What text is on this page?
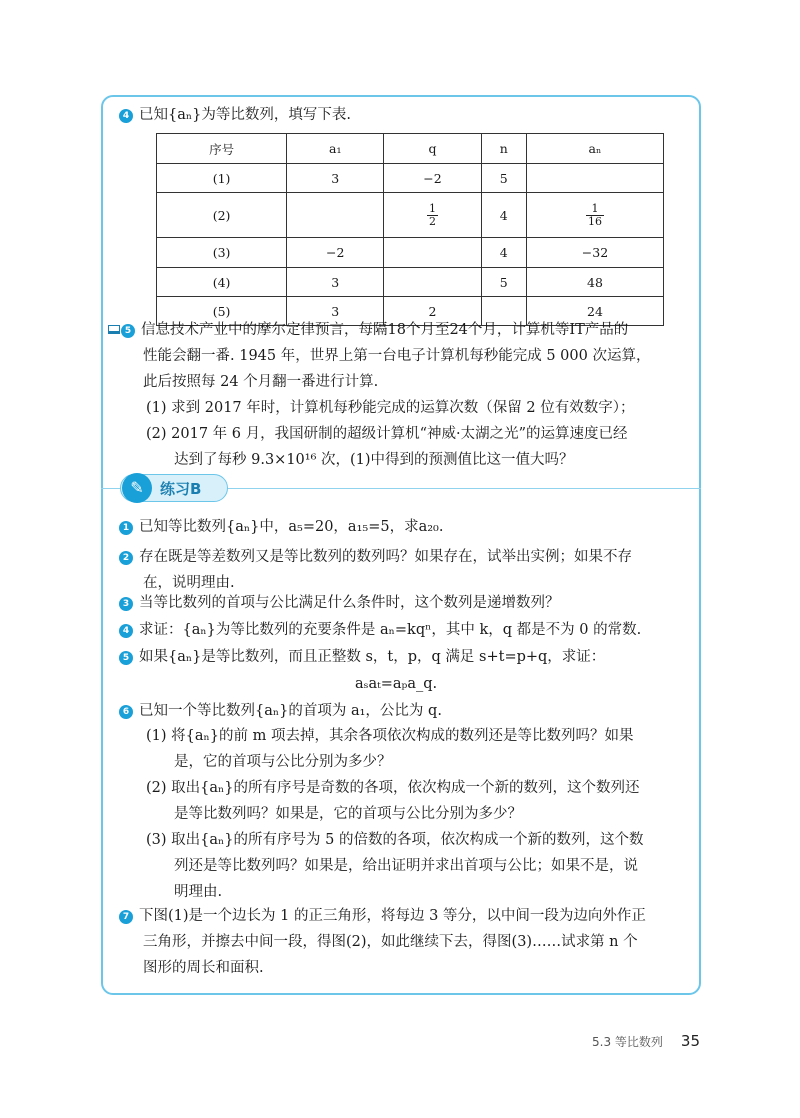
4 已知{aₙ}为等比数列，填写下表.
序号	a₁	q	n	aₙ
(1)	3	−2	5	
(2)		$\frac{1}{2}$	4	$\frac{1}{16}$

(3)	−2		4	−32
(4)	3		5	48
(5)	3	2		24
5 信息技术产业中的摩尔定律预言，每隔18个月至24个月，计算机等IT产品的
性能会翻一番. 1945 年，世界上第一台电子计算机每秒能完成 5 000 次运算，
此后按照每 24 个月翻一番进行计算.
(1) 求到 2017 年时，计算机每秒能完成的运算次数（保留 2 位有效数字）；
(2) 2017 年 6 月，我国研制的超级计算机“神威·太湖之光”的运算速度已经
达到了每秒 9.3×10¹⁶ 次，(1)中得到的预测值比这一值大吗？
✎	练习B
1 已知等比数列{aₙ}中，a₅=20，a₁₅=5，求a₂₀.
2 存在既是等差数列又是等比数列的数列吗？如果存在，试举出实例；如果不存
在，说明理由.
3 当等比数列的首项与公比满足什么条件时，这个数列是递增数列？
4 求证：{aₙ}为等比数列的充要条件是 aₙ=kqⁿ，其中 k，q 都是不为 0 的常数.
5 如果{aₙ}是等比数列，而且正整数 s，t，p，q 满足 s+t=p+q，求证：
aₛaₜ=aₚa_q.
6 已知一个等比数列{aₙ}的首项为 a₁，公比为 q.
(1) 将{aₙ}的前 m 项去掉，其余各项依次构成的数列还是等比数列吗？如果
是，它的首项与公比分别为多少？
(2) 取出{aₙ}的所有序号是奇数的各项，依次构成一个新的数列，这个数列还
是等比数列吗？如果是，它的首项与公比分别为多少？
(3) 取出{aₙ}的所有序号为 5 的倍数的各项，依次构成一个新的数列，这个数
列还是等比数列吗？如果是，给出证明并求出首项与公比；如果不是，说
明理由.
7 下图(1)是一个边长为 1 的正三角形，将每边 3 等分，以中间一段为边向外作正
三角形，并擦去中间一段，得图(2)，如此继续下去，得图(3)……试求第 n 个
图形的周长和面积.
5.3 等比数列 35
